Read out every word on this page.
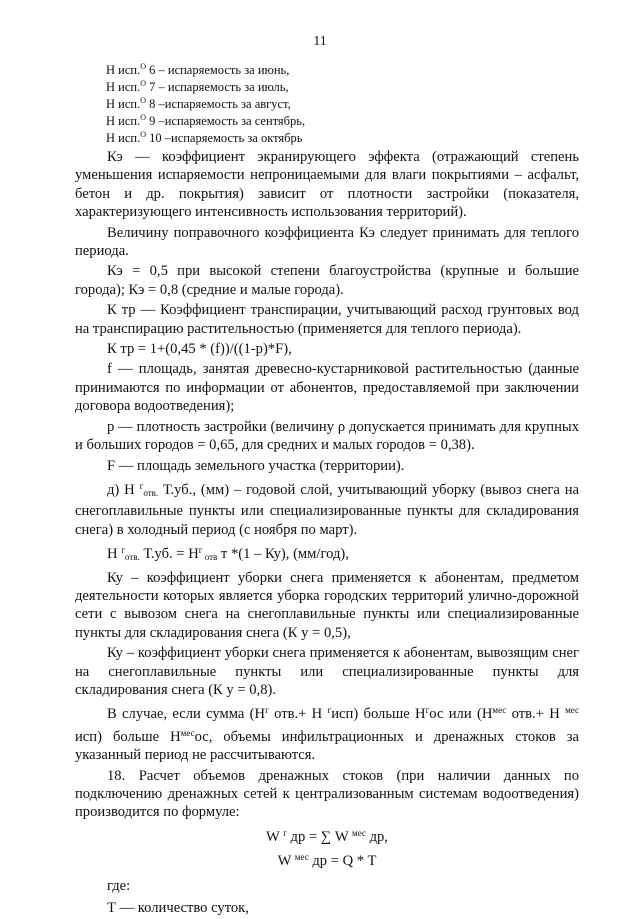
11
Н исп.$^О$ 6 – испаряемость за июнь,
Н исп.$^О$ 7 – испаряемость за июль,
Н исп.$^О$ 8 –испаряемость за август,
Н исп.$^О$ 9 –испаряемость за сентябрь,
Н исп.$^О$ 10 –испаряемость за октябрь

Кэ — коэффициент экранирующего эффекта (отражающий степень уменьшения испаряемости непроницаемыми для влаги покрытиями – асфальт, бетон и др. покрытия) зависит от плотности застройки (показателя, характеризующего интенсивность использования территорий).

Величину поправочного коэффициента Кэ следует принимать для теплого периода.

Кэ = 0,5 при высокой степени благоустройства (крупные и большие города); Кэ = 0,8 (средние и малые города).

К тр — Коэффициент транспирации, учитывающий расход грунтовых вод на транспирацию растительностью (применяется для теплого периода).

К тр = 1+(0,45 * (f))/((1-p)*F),

f — площадь, занятая древесно-кустарниковой растительностью (данные принимаются по информации от абонентов, предоставляемой при заключении договора водоотведения);

р — плотность застройки (величину ρ допускается принимать для крупных и больших городов = 0,65, для средних и малых городов = 0,38).

F — площадь земельного участка (территории).

д) Н $^г_{отв.}$ Т.уб., (мм) – годовой слой, учитывающий уборку (вывоз снега на снегоплавильные пункты или специализированные пункты для складирования снега) в холодный период (с ноября по март).

Н $^г_{отв.}$ Т.уб. = $Н^г$ $_{отв}$ т *(1 – Ку), (мм/год),

Ку – коэффициент уборки снега применяется к абонентам, предметом деятельности которых является уборка городских территорий улично-дорожной сети с вывозом снега на снегоплавильные пункты или специализированные пункты для складирования снега (К у = 0,5),

Ку – коэффициент уборки снега применяется к абонентам, вывозящим снег на снегоплавильные пункты или специализированные пункты для складирования снега (К у = 0,8).

В случае, если сумма ($Н^г$ отв.+ Н $^г$исп) больше $Н^гос$ или ($Н^{мес}$ отв.+ Н $^{мес}$ исп) больше $Н^{мес}ос$, объемы инфильтрационных и дренажных стоков за указанный период не рассчитываются.

18. Расчет объемов дренажных стоков (при наличии данных по подключению дренажных сетей к централизованным системам водоотведения) производится по формуле:

W $^г$ др = ∑ W $^{мес}$ др,

W $^{мес}$ др = Q * T

где:

Т — количество суток,
